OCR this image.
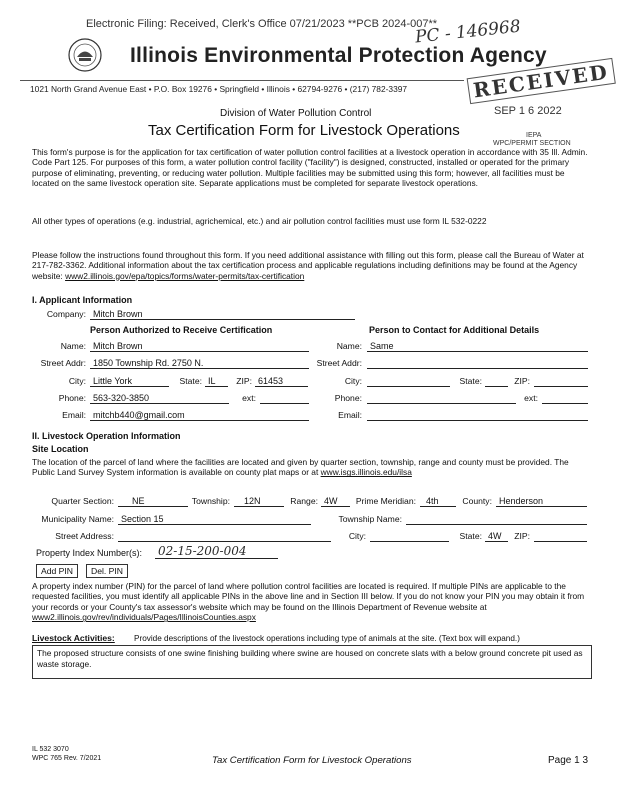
Electronic Filing: Received, Clerk's Office 07/21/2023 **PCB 2024-007**
PC - 146968
Illinois Environmental Protection Agency
RECEIVED
SEP 1 6 2022
IEPA
WPC/PERMIT SECTION
1021 North Grand Avenue East • P.O. Box 19276 • Springfield • Illinois • 62794-9276 • (217) 782-3397
Division of Water Pollution Control
Tax Certification Form for Livestock Operations
This form's purpose is for the application for tax certification of water pollution control facilities at a livestock operation in accordance with 35 Ill. Admin. Code Part 125. For purposes of this form, a water pollution control facility ("facility") is designed, constructed, installed or operated for the primary purpose of eliminating, preventing, or reducing water pollution. Multiple facilities may be submitted using this form; however, all facilities must be located on the same livestock operation site. Separate applications must be completed for separate livestock operations.
All other types of operations (e.g. industrial, agrichemical, etc.) and air pollution control facilities must use form IL 532-0222
Please follow the instructions found throughout this form. If you need additional assistance with filling out this form, please call the Bureau of Water at 217-782-3362. Additional information about the tax certification process and applicable regulations including definitions may be found at the Agency website: www2.illinois.gov/epa/topics/forms/water-permits/tax-certification
I. Applicant Information
Company: Mitch Brown
Person Authorized to Receive Certification	Person to Contact for Additional Details
Name: Mitch Brown	Name: Same
Street Addr: 1850 Township Rd. 2750 N.	Street Addr:
City: Little York	State: IL	ZIP: 61453	City:	State:	ZIP:
Phone: 563-320-3850	ext:	Phone:	ext:
Email: mitchb440@gmail.com	Email:
II. Livestock Operation Information
Site Location
The location of the parcel of land where the facilities are located and given by quarter section, township, range and county must be provided. The Public Land Survey System information is available on county plat maps or at www.isgs.illinois.edu/ilsa
Quarter Section:	NE	Township:	12N	Range: 4W	Prime Meridian:	4th	County: Henderson
Municipality Name: Section 15	Township Name:
Street Address:	City:	State: 4W	ZIP:
Property Index Number(s): 02-15-200-004
Add PIN	Del. PIN
A property index number (PIN) for the parcel of land where pollution control facilities are located is required. If multiple PINs are applicable to the requested facilities, you must identify all applicable PINs in the above line and in Section III below. If you do not know your PIN you may obtain it from your records or your County's tax assessor's website which may be found on the Illinois Department of Revenue website at www2.illinois.gov/rev/individuals/Pages/IllinoisCounties.aspx
Livestock Activities: Provide descriptions of the livestock operations including type of animals at the site. (Text box will expand.)
The proposed structure consists of one swine finishing building where swine are housed on concrete slats with a below ground concrete pit used as waste storage.
IL 532 3070
WPC 765 Rev. 7/2021	Tax Certification Form for Livestock Operations	Page 1 3
